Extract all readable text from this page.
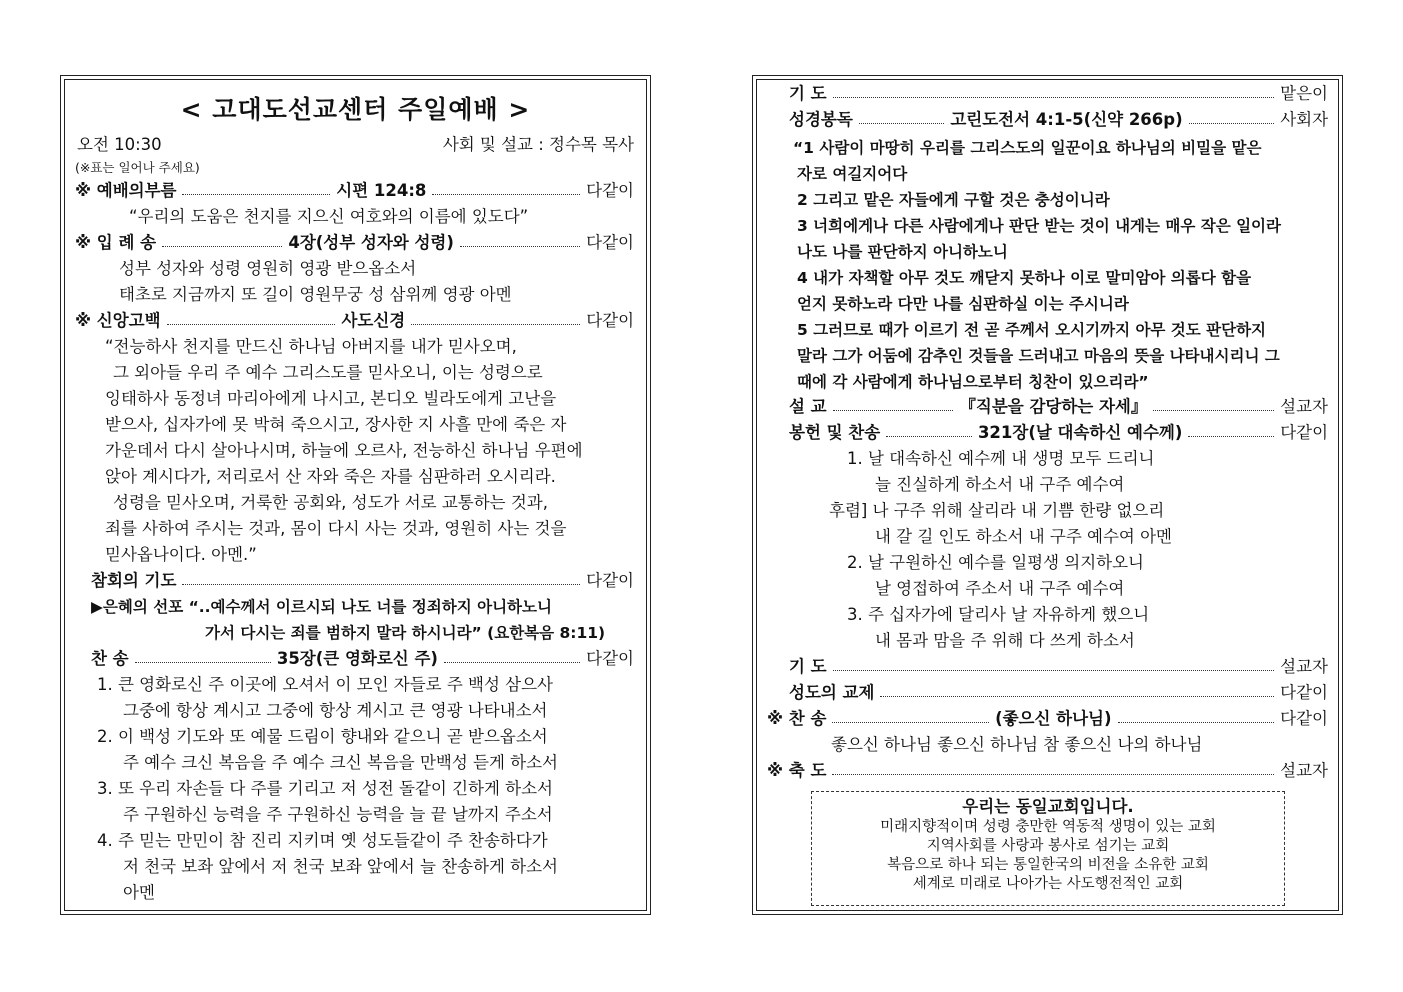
< 고대도선교센터 주일예배 >
오전 10:30	사회 및 설교 : 정수목 목사
(※표는 일어나 주세요)
※ 예배의부름	시편 124:8	다같이
“우리의 도움은 천지를 지으신 여호와의 이름에 있도다”
※ 입 례 송	4장(성부 성자와 성령)	다같이
성부 성자와 성령 영원히 영광 받으옵소서
태초로 지금까지 또 길이 영원무궁 성 삼위께 영광 아멘
※ 신앙고백	사도신경	다같이
“전능하사 천지를 만드신 하나님 아버지를 내가 믿사오며,
그 외아들 우리 주 예수 그리스도를 믿사오니, 이는 성령으로
잉태하사 동정녀 마리아에게 나시고, 본디오 빌라도에게 고난을
받으사, 십자가에 못 박혀 죽으시고, 장사한 지 사흘 만에 죽은 자
가운데서 다시 살아나시며, 하늘에 오르사, 전능하신 하나님 우편에
앉아 계시다가, 저리로서 산 자와 죽은 자를 심판하러 오시리라.
성령을 믿사오며, 거룩한 공회와, 성도가 서로 교통하는 것과,
죄를 사하여 주시는 것과, 몸이 다시 사는 것과, 영원히 사는 것을
믿사옵나이다. 아멘.”
참회의 기도	다같이
▶은혜의 선포 “..예수께서 이르시되 나도 너를 정죄하지 아니하노니
가서 다시는 죄를 범하지 말라 하시니라” (요한복음 8:11)
찬 송	35장(큰 영화로신 주)	다같이
1. 큰 영화로신 주 이곳에 오셔서 이 모인 자들로 주 백성 삼으사
그중에 항상 계시고 그중에 항상 계시고 큰 영광 나타내소서
2. 이 백성 기도와 또 예물 드림이 향내와 같으니 곧 받으옵소서
주 예수 크신 복음을 주 예수 크신 복음을 만백성 듣게 하소서
3. 또 우리 자손들 다 주를 기리고 저 성전 돌같이 긴하게 하소서
주 구원하신 능력을 주 구원하신 능력을 늘 끝 날까지 주소서
4. 주 믿는 만민이 참 진리 지키며 옛 성도들같이 주 찬송하다가
저 천국 보좌 앞에서 저 천국 보좌 앞에서 늘 찬송하게 하소서
아멘
기 도	맡은이
성경봉독	고린도전서 4:1-5(신약 266p)	사회자
“1 사람이 마땅히 우리를 그리스도의 일꾼이요 하나님의 비밀을 맡은
자로 여길지어다
2 그리고 맡은 자들에게 구할 것은 충성이니라
3 너희에게나 다른 사람에게나 판단 받는 것이 내게는 매우 작은 일이라
나도 나를 판단하지 아니하노니
4 내가 자책할 아무 것도 깨닫지 못하나 이로 말미암아 의롭다 함을
얻지 못하노라 다만 나를 심판하실 이는 주시니라
5 그러므로 때가 이르기 전 곧 주께서 오시기까지 아무 것도 판단하지
말라 그가 어둠에 감추인 것들을 드러내고 마음의 뜻을 나타내시리니 그
때에 각 사람에게 하나님으로부터 칭찬이 있으리라”
설 교	『직분을 감당하는 자세』	설교자
봉헌 및 찬송	321장(날 대속하신 예수께)	다같이
1. 날 대속하신 예수께 내 생명 모두 드리니
늘 진실하게 하소서 내 구주 예수여
후렴] 나 구주 위해 살리라 내 기쁨 한량 없으리
내 갈 길 인도 하소서 내 구주 예수여 아멘
2. 날 구원하신 예수를 일평생 의지하오니
날 영접하여 주소서 내 구주 예수여
3. 주 십자가에 달리사 날 자유하게 했으니
내 몸과 맘을 주 위해 다 쓰게 하소서
기 도	설교자
성도의 교제	다같이
※ 찬 송	(좋으신 하나님)	다같이
좋으신 하나님 좋으신 하나님 참 좋으신 나의 하나님
※ 축 도	설교자
우리는 동일교회입니다.
미래지향적이며 성령 충만한 역동적 생명이 있는 교회
지역사회를 사랑과 봉사로 섬기는 교회
복음으로 하나 되는 통일한국의 비전을 소유한 교회
세계로 미래로 나아가는 사도행전적인 교회
